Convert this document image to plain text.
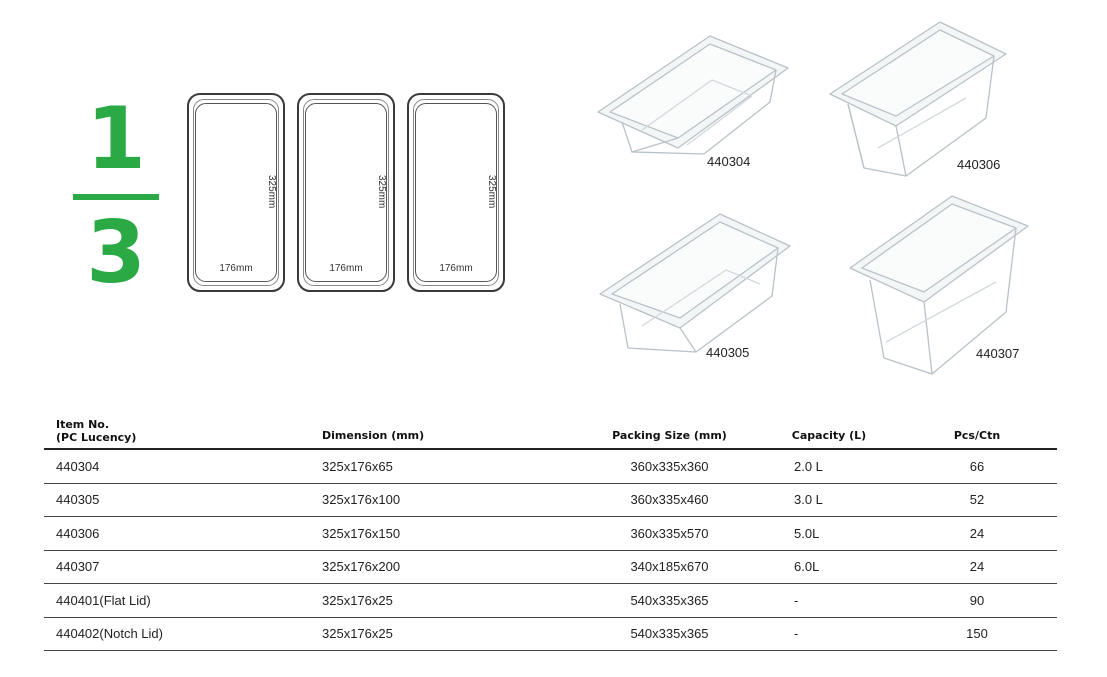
1
3
325mm
176mm
325mm
176mm
325mm
176mm
440304	440306
440305	440307
Item No.
(PC Lucency)	Dimension (mm)	Packing Size (mm)	Capacity (L)	Pcs/Ctn
440304	325x176x65	360x335x360	2.0 L	66
440305	325x176x100	360x335x460	3.0 L	52
440306	325x176x150	360x335x570	5.0L	24
440307	325x176x200	340x185x670	6.0L	24
440401(Flat Lid)	325x176x25	540x335x365	-	90
440402(Notch Lid)	325x176x25	540x335x365	-	150
